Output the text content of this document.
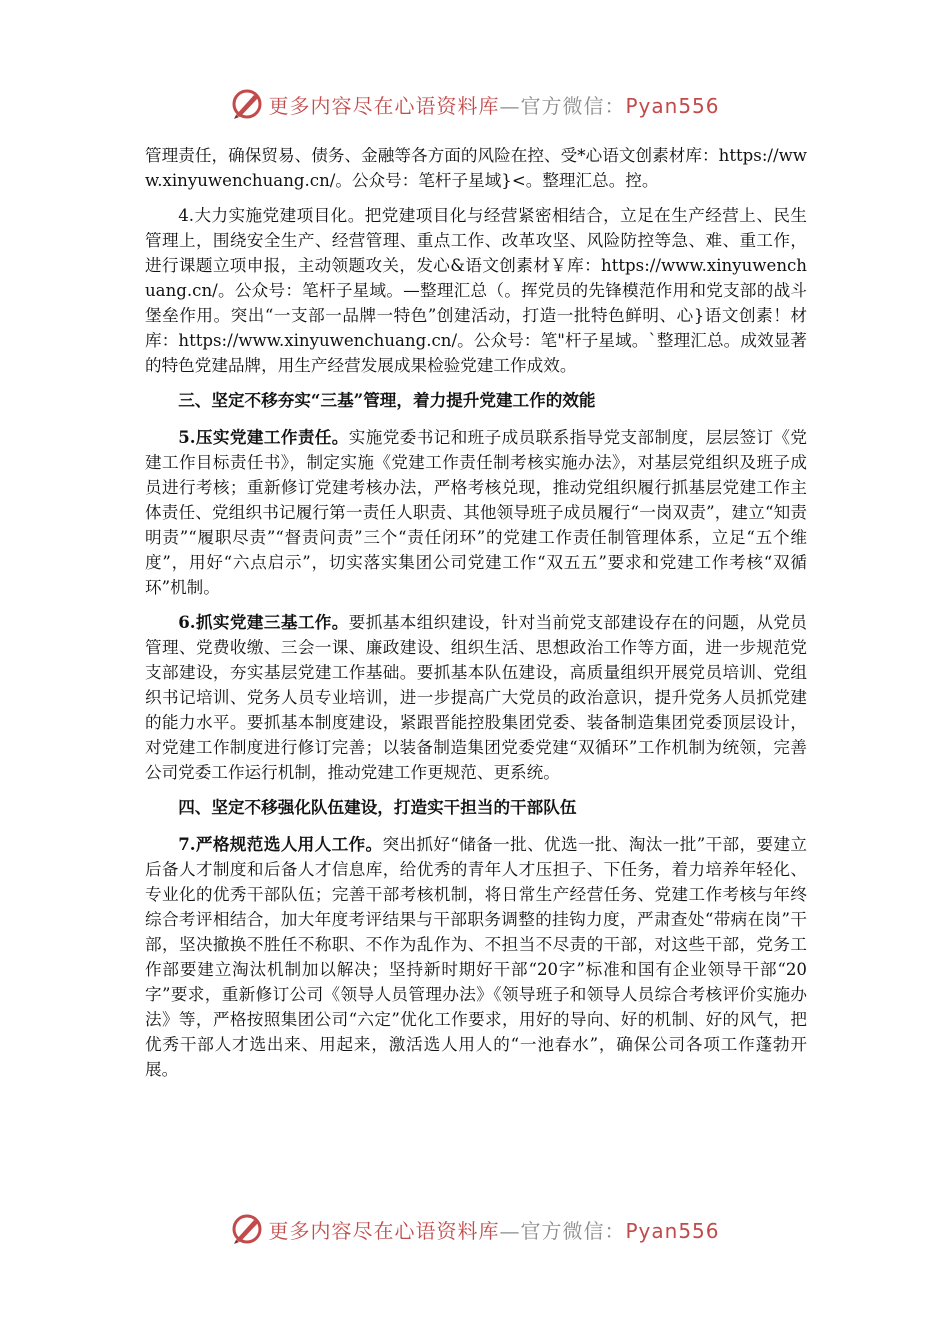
更多内容尽在心语资料库—官方微信：Pyan556

管理责任，确保贸易、债务、金融等各方面的风险在控、受*心语文创素材库：https://www.xinyuwenchuang.cn/。公众号：笔杆子星域}<。整理汇总。控。

4.大力实施党建项目化。把党建项目化与经营紧密相结合，立足在生产经营上、民生管理上，围绕安全生产、经营管理、重点工作、改革攻坚、风险防控等急、难、重工作，进行课题立项申报，主动领题攻关，发心&语文创素材￥库：https://www.xinyuwenchuang.cn/。公众号：笔杆子星域。—整理汇总（。挥党员的先锋模范作用和党支部的战斗堡垒作用。突出“一支部一品牌一特色”创建活动，打造一批特色鲜明、心}语文创素！材库：https://www.xinyuwenchuang.cn/。公众号：笔"杆子星域。`整理汇总。成效显著的特色党建品牌，用生产经营发展成果检验党建工作成效。

三、坚定不移夯实“三基”管理，着力提升党建工作的效能

5.压实党建工作责任。实施党委书记和班子成员联系指导党支部制度，层层签订《党建工作目标责任书》，制定实施《党建工作责任制考核实施办法》，对基层党组织及班子成员进行考核；重新修订党建考核办法，严格考核兑现，推动党组织履行抓基层党建工作主体责任、党组织书记履行第一责任人职责、其他领导班子成员履行“一岗双责”，建立“知责明责”“履职尽责”“督责问责”三个“责任闭环”的党建工作责任制管理体系，立足“五个维度”，用好“六点启示”，切实落实集团公司党建工作“双五五”要求和党建工作考核“双循环”机制。

6.抓实党建三基工作。要抓基本组织建设，针对当前党支部建设存在的问题，从党员管理、党费收缴、三会一课、廉政建设、组织生活、思想政治工作等方面，进一步规范党支部建设，夯实基层党建工作基础。要抓基本队伍建设，高质量组织开展党员培训、党组织书记培训、党务人员专业培训，进一步提高广大党员的政治意识，提升党务人员抓党建的能力水平。要抓基本制度建设，紧跟晋能控股集团党委、装备制造集团党委顶层设计，对党建工作制度进行修订完善；以装备制造集团党委党建“双循环”工作机制为统领，完善公司党委工作运行机制，推动党建工作更规范、更系统。

四、坚定不移强化队伍建设，打造实干担当的干部队伍

7.严格规范选人用人工作。突出抓好“储备一批、优选一批、淘汰一批”干部，要建立后备人才制度和后备人才信息库，给优秀的青年人才压担子、下任务，着力培养年轻化、专业化的优秀干部队伍；完善干部考核机制，将日常生产经营任务、党建工作考核与年终综合考评相结合，加大年度考评结果与干部职务调整的挂钩力度，严肃查处“带病在岗”干部，坚决撤换不胜任不称职、不作为乱作为、不担当不尽责的干部，对这些干部，党务工作部要建立淘汰机制加以解决；坚持新时期好干部“20字”标准和国有企业领导干部“20字”要求，重新修订公司《领导人员管理办法》《领导班子和领导人员综合考核评价实施办法》等，严格按照集团公司“六定”优化工作要求，用好的导向、好的机制、好的风气，把优秀干部人才选出来、用起来，激活选人用人的“一池春水”，确保公司各项工作蓬勃开展。

更多内容尽在心语资料库—官方微信：Pyan556
